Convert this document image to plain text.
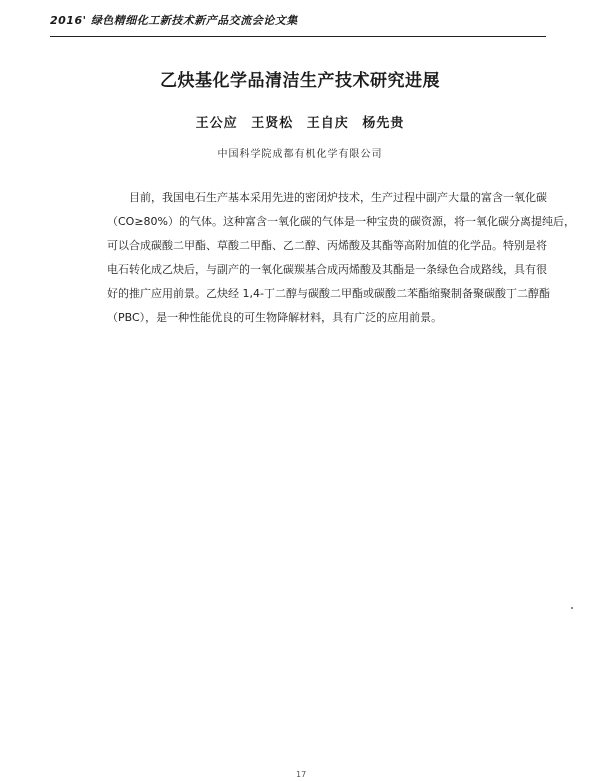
2016' 绿色精细化工新技术新产品交流会论文集
乙炔基化学品清洁生产技术研究进展
王公应 王贤松 王自庆 杨先贵
中国科学院成都有机化学有限公司
目前，我国电石生产基本采用先进的密闭炉技术，生产过程中副产大量的富含一氧化碳
（CO≥80%）的气体。这种富含一氧化碳的气体是一种宝贵的碳资源，将一氧化碳分离提纯后，
可以合成碳酸二甲酯、草酸二甲酯、乙二醇、丙烯酸及其酯等高附加值的化学品。特别是将
电石转化成乙炔后，与副产的一氧化碳羰基合成丙烯酸及其酯是一条绿色合成路线，具有很
好的推广应用前景。乙炔经 1,4-丁二醇与碳酸二甲酯或碳酸二苯酯缩聚制备聚碳酸丁二醇酯
（PBC），是一种性能优良的可生物降解材料，具有广泛的应用前景。
17
